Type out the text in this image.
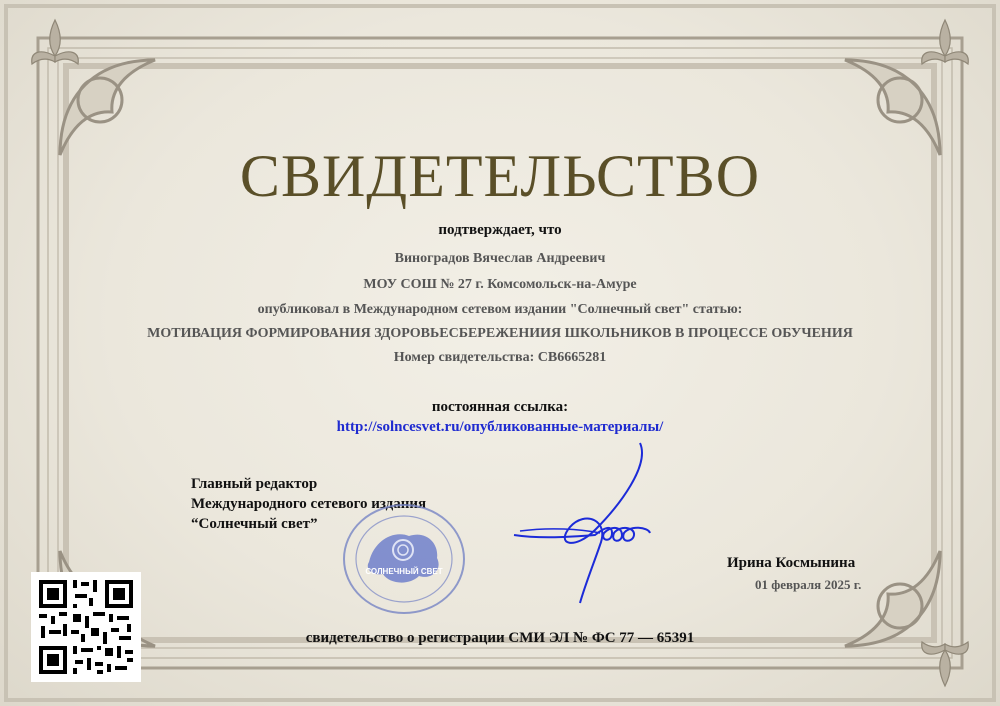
СВИДЕТЕЛЬСТВО
подтверждает, что
Виноградов Вячеслав Андреевич
МОУ СОШ № 27 г. Комсомольск-на-Амуре
опубликовал в Международном сетевом издании "Солнечный свет" статью:
МОТИВАЦИЯ ФОРМИРОВАНИЯ ЗДОРОВЬЕСБЕРЕЖЕНИИЯ ШКОЛЬНИКОВ В ПРОЦЕССЕ ОБУЧЕНИЯ
Номер свидетельства: СВ6665281
постоянная ссылка:
http://solncesvet.ru/опубликованные-материалы/
Главный редактор
Международного сетевого издания
“Солнечный свет”
СОЛНЕЧНЫЙ СВЕТ
Ирина Космынина
01 февраля 2025 г.
свидетельство о регистрации СМИ ЭЛ № ФС 77 — 65391
